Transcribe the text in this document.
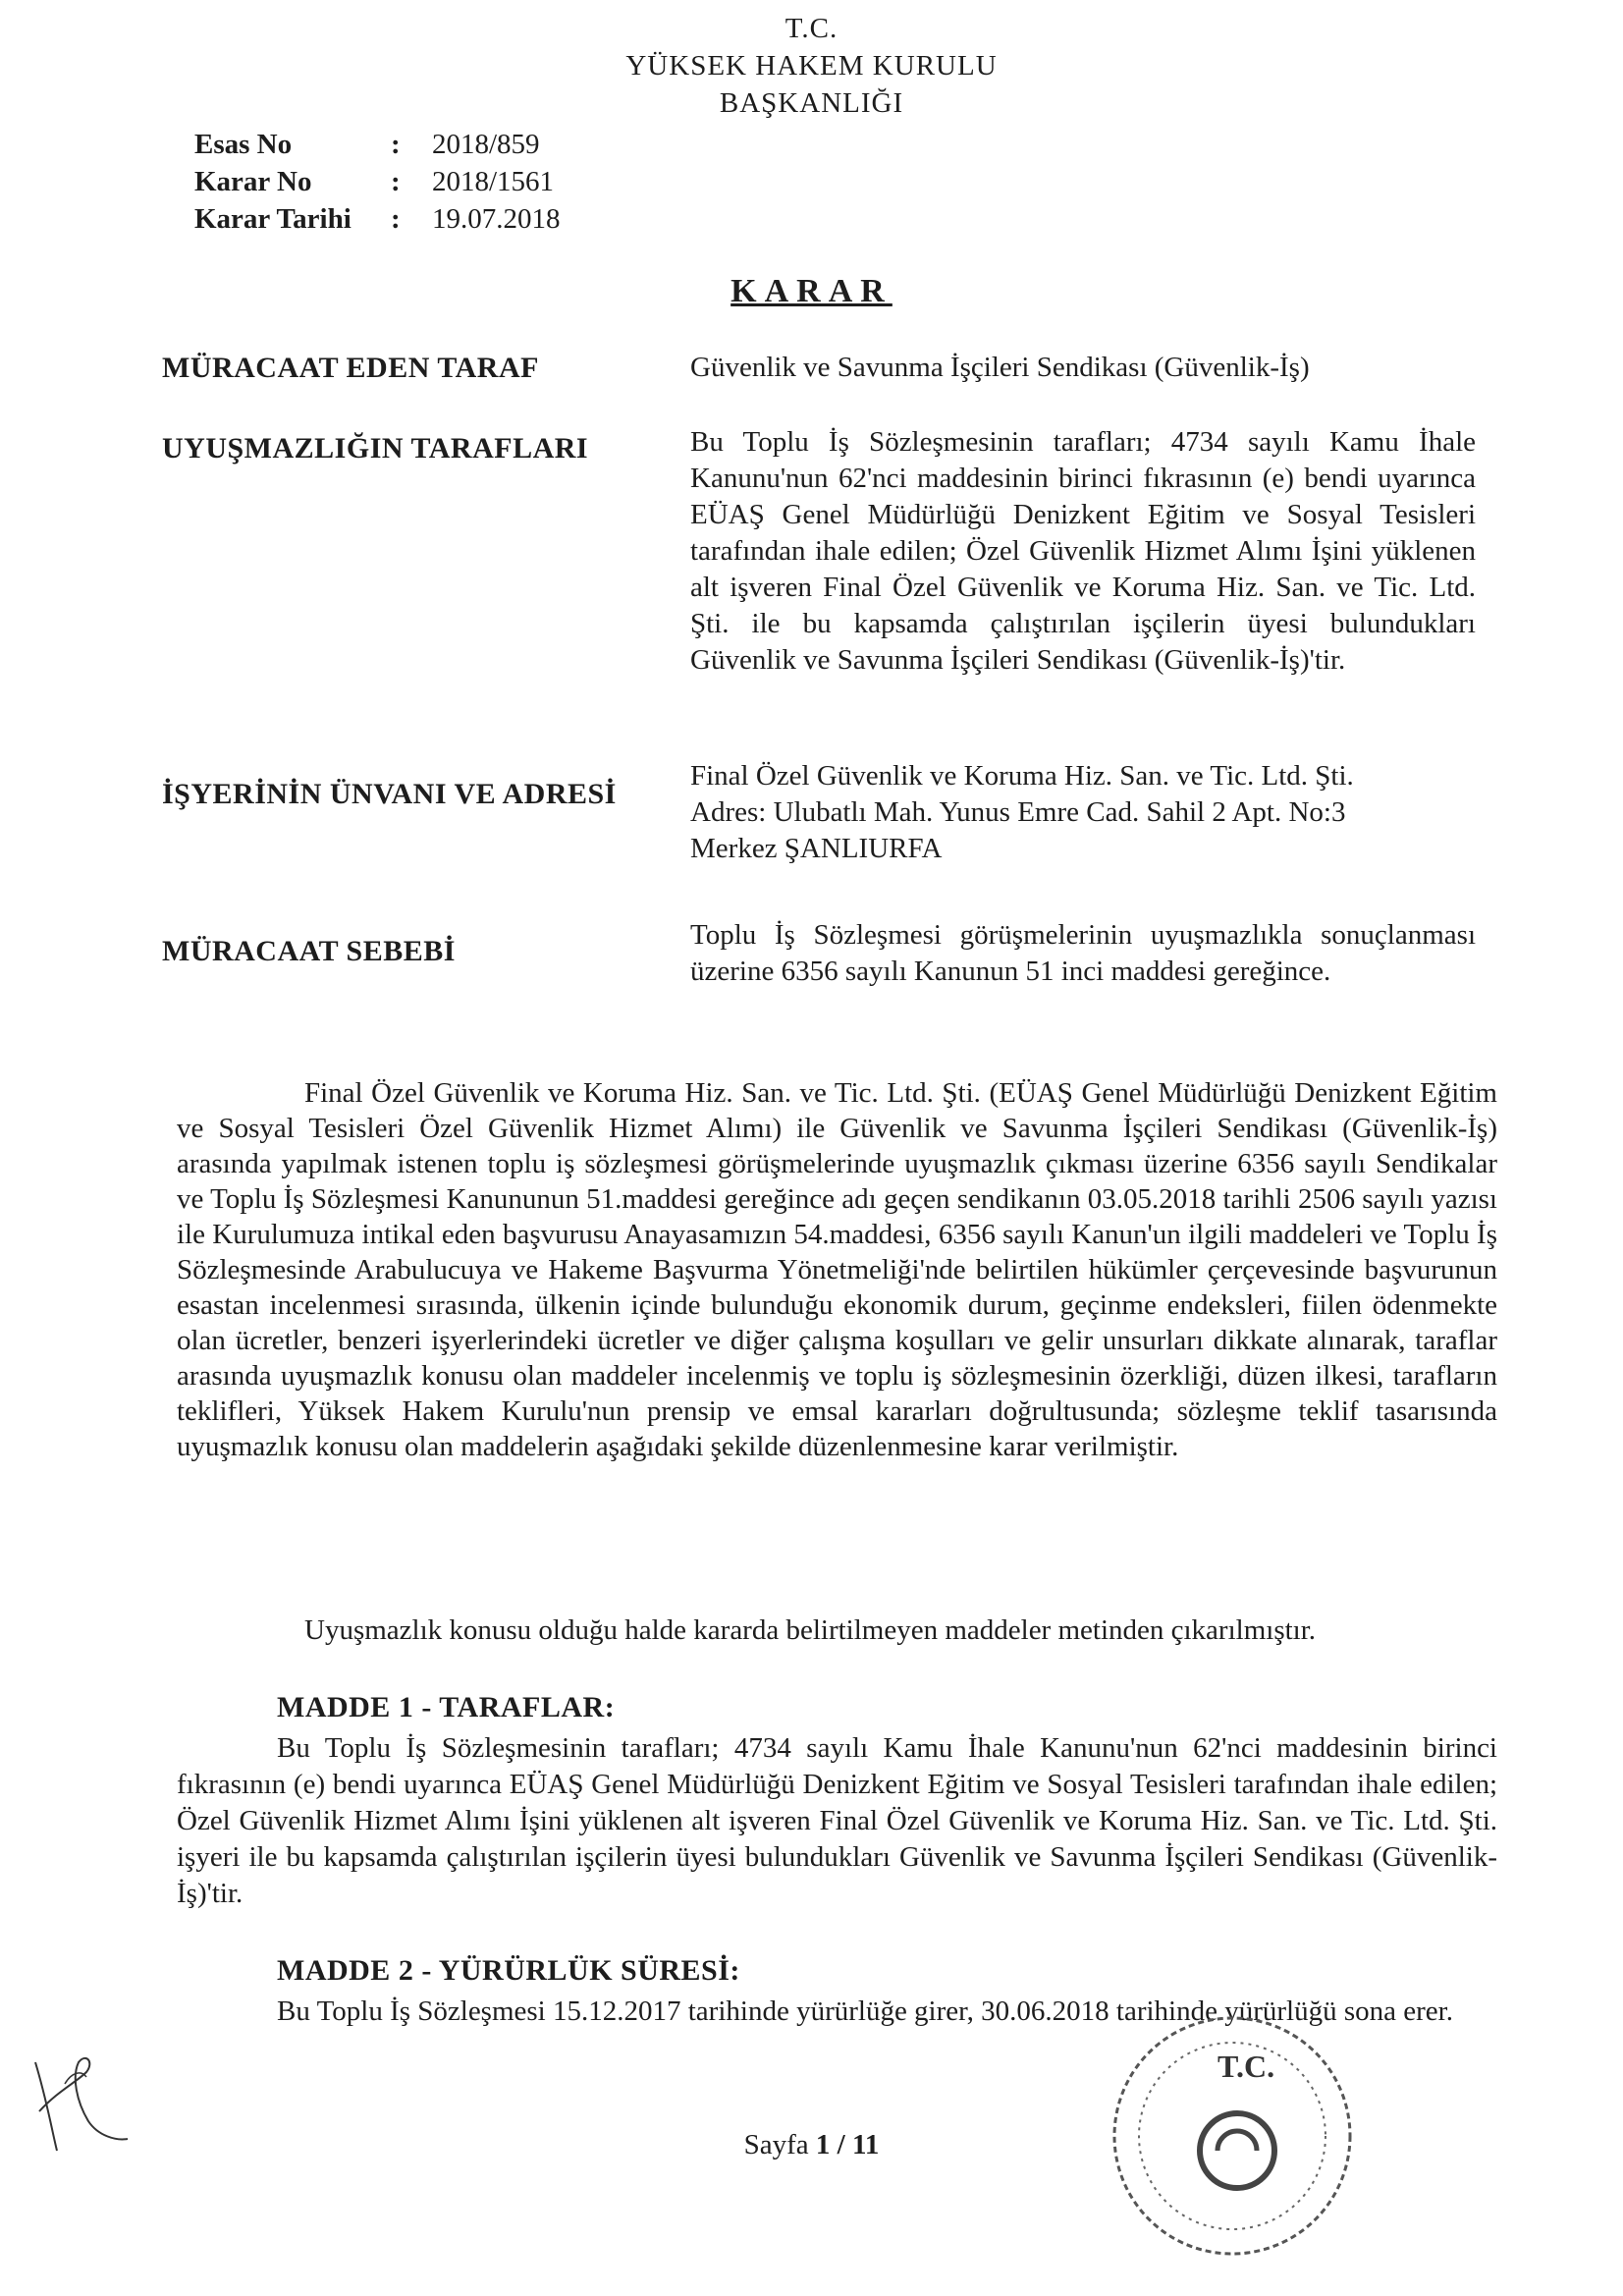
T.C.
YÜKSEK HAKEM KURULU
BAŞKANLIĞI
Esas No	: 2018/859
Karar No	: 2018/1561
Karar Tarihi : 19.07.2018
KARAR
MÜRACAAT EDEN TARAF	Güvenlik ve Savunma İşçileri Sendikası (Güvenlik-İş)
UYUŞMAZLIĞIN TARAFLARI	Bu Toplu İş Sözleşmesinin tarafları; 4734 sayılı Kamu İhale Kanunu'nun 62'nci maddesinin birinci fıkrasının (e) bendi uyarınca EÜAŞ Genel Müdürlüğü Denizkent Eğitim ve Sosyal Tesisleri tarafından ihale edilen; Özel Güvenlik Hizmet Alımı İşini yüklenen alt işveren Final Özel Güvenlik ve Koruma Hiz. San. ve Tic. Ltd. Şti. ile bu kapsamda çalıştırılan işçilerin üyesi bulundukları Güvenlik ve Savunma İşçileri Sendikası (Güvenlik-İş)'tir.
İŞYERİNİN ÜNVANI VE ADRESİ
Final Özel Güvenlik ve Koruma Hiz. San. ve Tic. Ltd. Şti.
Adres: Ulubatlı Mah. Yunus Emre Cad. Sahil 2 Apt. No:3
Merkez ŞANLIURFA
MÜRACAAT SEBEBİ	Toplu İş Sözleşmesi görüşmelerinin uyuşmazlıkla sonuçlanması üzerine 6356 sayılı Kanunun 51 inci maddesi gereğince.

Final Özel Güvenlik ve Koruma Hiz. San. ve Tic. Ltd. Şti. (EÜAŞ Genel Müdürlüğü Denizkent Eğitim ve Sosyal Tesisleri Özel Güvenlik Hizmet Alımı) ile Güvenlik ve Savunma İşçileri Sendikası (Güvenlik-İş) arasında yapılmak istenen toplu iş sözleşmesi görüşmelerinde uyuşmazlık çıkması üzerine 6356 sayılı Sendikalar ve Toplu İş Sözleşmesi Kanununun 51.maddesi gereğince adı geçen sendikanın 03.05.2018 tarihli 2506 sayılı yazısı ile Kurulumuza intikal eden başvurusu Anayasamızın 54.maddesi, 6356 sayılı Kanun'un ilgili maddeleri ve Toplu İş Sözleşmesinde Arabulucuya ve Hakeme Başvurma Yönetmeliği'nde belirtilen hükümler çerçevesinde başvurunun esastan incelenmesi sırasında, ülkenin içinde bulunduğu ekonomik durum, geçinme endeksleri, fiilen ödenmekte olan ücretler, benzeri işyerlerindeki ücretler ve diğer çalışma koşulları ve gelir unsurları dikkate alınarak, taraflar arasında uyuşmazlık konusu olan maddeler incelenmiş ve toplu iş sözleşmesinin özerkliği, düzen ilkesi, tarafların teklifleri, Yüksek Hakem Kurulu'nun prensip ve emsal kararları doğrultusunda; sözleşme teklif tasarısında uyuşmazlık konusu olan maddelerin aşağıdaki şekilde düzenlenmesine karar verilmiştir.

Uyuşmazlık konusu olduğu halde kararda belirtilmeyen maddeler metinden çıkarılmıştır.

MADDE 1 - TARAFLAR:

Bu Toplu İş Sözleşmesinin tarafları; 4734 sayılı Kamu İhale Kanunu'nun 62'nci maddesinin birinci fıkrasının (e) bendi uyarınca EÜAŞ Genel Müdürlüğü Denizkent Eğitim ve Sosyal Tesisleri tarafından ihale edilen; Özel Güvenlik Hizmet Alımı İşini yüklenen alt işveren Final Özel Güvenlik ve Koruma Hiz. San. ve Tic. Ltd. Şti. işyeri ile bu kapsamda çalıştırılan işçilerin üyesi bulundukları Güvenlik ve Savunma İşçileri Sendikası (Güvenlik-İş)'tir.

MADDE 2 - YÜRÜRLÜK SÜRESİ:

Bu Toplu İş Sözleşmesi 15.12.2017 tarihinde yürürlüğe girer, 30.06.2018 tarihinde yürürlüğü sona erer.

Sayfa 1 / 11
T.C.
